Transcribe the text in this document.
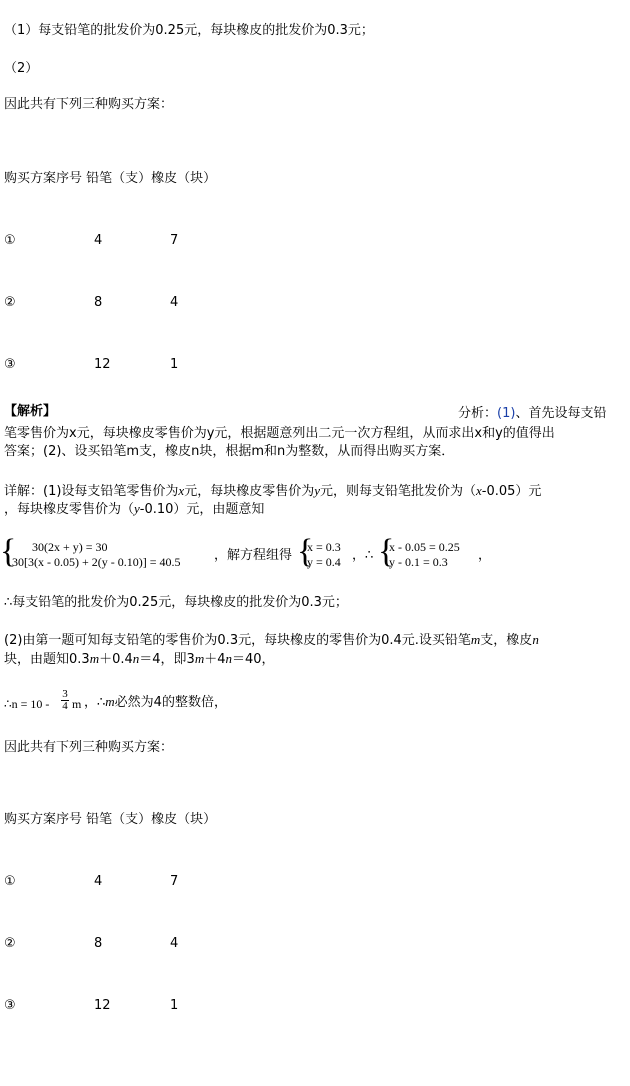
（1）每支铅笔的批发价为0.25元，每块橡皮的批发价为0.3元；
（2）
因此共有下列三种购买方案：
购买方案序号 铅笔（支）橡皮（块）
①	4	7
②	8	4
③	12	1
【解析】	分析：(1)、首先设每支铅
笔零售价为x元，每块橡皮零售价为y元，根据题意列出二元一次方程组，从而求出x和y的值得出
答案；(2)、设买铅笔m支，橡皮n块，根据m和n为整数，从而得出购买方案．
详解：(1)设每支铅笔零售价为x元，每块橡皮零售价为y元，则每支铅笔批发价为（x-0.05）元
，每块橡皮零售价为（y-0.10）元，由题意知
{ 30(2x + y) = 30
30[3(x - 0.05) + 2(y - 0.10)] = 40.5	，解方程组得 {
x = 0.3
y = 0.4 ，∴ {
x - 0.05 = 0.25
y - 0.1 = 0.3 ，
∴每支铅笔的批发价为0.25元，每块橡皮的批发价为0.3元；
(2)由第一题可知每支铅笔的零售价为0.3元，每块橡皮的零售价为0.4元.设买铅笔m支，橡皮n
块，由题知0.3m＋0.4n＝4，即3m＋4n＝40，
∴n = $10 - \frac{3}{4}$ m ，∴m必然为4的整数倍，
因此共有下列三种购买方案：
购买方案序号 铅笔（支）橡皮（块）
①	4	7
②	8	4
③	12	1
